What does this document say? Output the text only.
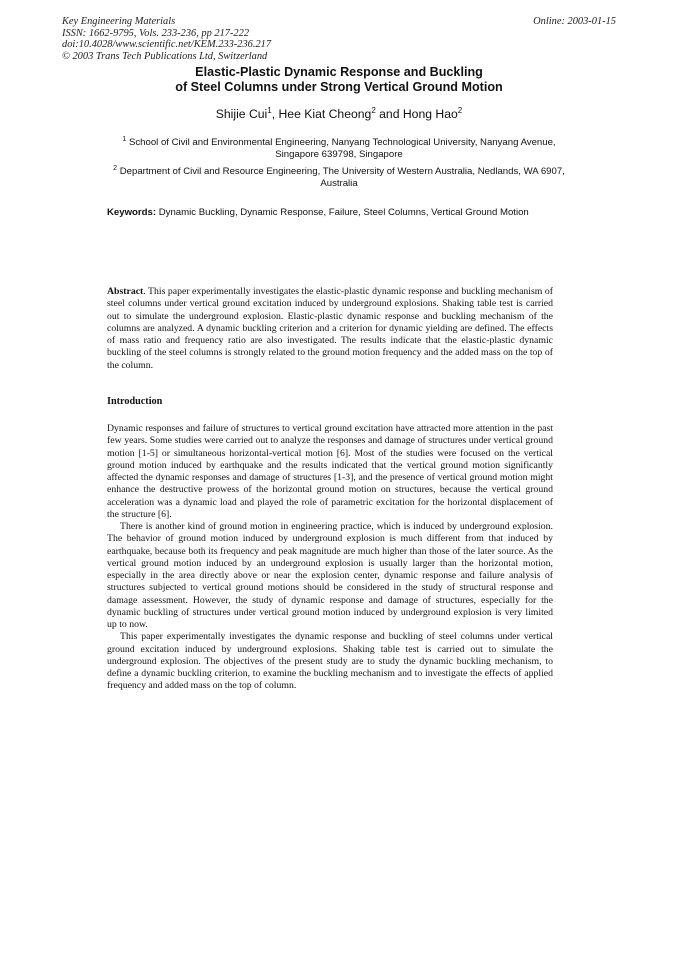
Key Engineering Materials
ISSN: 1662-9795, Vols. 233-236, pp 217-222
doi:10.4028/www.scientific.net/KEM.233-236.217
© 2003 Trans Tech Publications Ltd, Switzerland
Online: 2003-01-15
Elastic-Plastic Dynamic Response and Buckling
of Steel Columns under Strong Vertical Ground Motion
Shijie Cui$^1$, Hee Kiat Cheong$^2$ and Hong Hao$^2$
$^1$ School of Civil and Environmental Engineering, Nanyang Technological University, Nanyang Avenue, Singapore 639798, Singapore
$^2$ Department of Civil and Resource Engineering, The University of Western Australia, Nedlands, WA 6907, Australia
Keywords: Dynamic Buckling, Dynamic Response, Failure, Steel Columns, Vertical Ground Motion
Abstract. This paper experimentally investigates the elastic-plastic dynamic response and buckling mechanism of steel columns under vertical ground excitation induced by underground explosions. Shaking table test is carried out to simulate the underground explosion. Elastic-plastic dynamic response and buckling mechanism of the columns are analyzed. A dynamic buckling criterion and a criterion for dynamic yielding are defined. The effects of mass ratio and frequency ratio are also investigated. The results indicate that the elastic-plastic dynamic buckling of the steel columns is strongly related to the ground motion frequency and the added mass on the top of the column.
Introduction

Dynamic responses and failure of structures to vertical ground excitation have attracted more attention in the past few years. Some studies were carried out to analyze the responses and damage of structures under vertical ground motion [1-5] or simultaneous horizontal-vertical motion [6]. Most of the studies were focused on the vertical ground motion induced by earthquake and the results indicated that the vertical ground motion significantly affected the dynamic responses and damage of structures [1-3], and the presence of vertical ground motion might enhance the destructive prowess of the horizontal ground motion on structures, because the vertical ground acceleration was a dynamic load and played the role of parametric excitation for the horizontal displacement of the structure [6].

There is another kind of ground motion in engineering practice, which is induced by underground explosion. The behavior of ground motion induced by underground explosion is much different from that induced by earthquake, because both its frequency and peak magnitude are much higher than those of the later source. As the vertical ground motion induced by an underground explosion is usually larger than the horizontal motion, especially in the area directly above or near the explosion center, dynamic response and failure analysis of structures subjected to vertical ground motions should be considered in the study of structural response and damage assessment. However, the study of dynamic response and damage of structures, especially for the dynamic buckling of structures under vertical ground motion induced by underground explosion is very limited up to now.

This paper experimentally investigates the dynamic response and buckling of steel columns under vertical ground excitation induced by underground explosions. Shaking table test is carried out to simulate the underground explosion. The objectives of the present study are to study the dynamic buckling mechanism, to define a dynamic buckling criterion, to examine the buckling mechanism and to investigate the effects of applied frequency and added mass on the top of column.
